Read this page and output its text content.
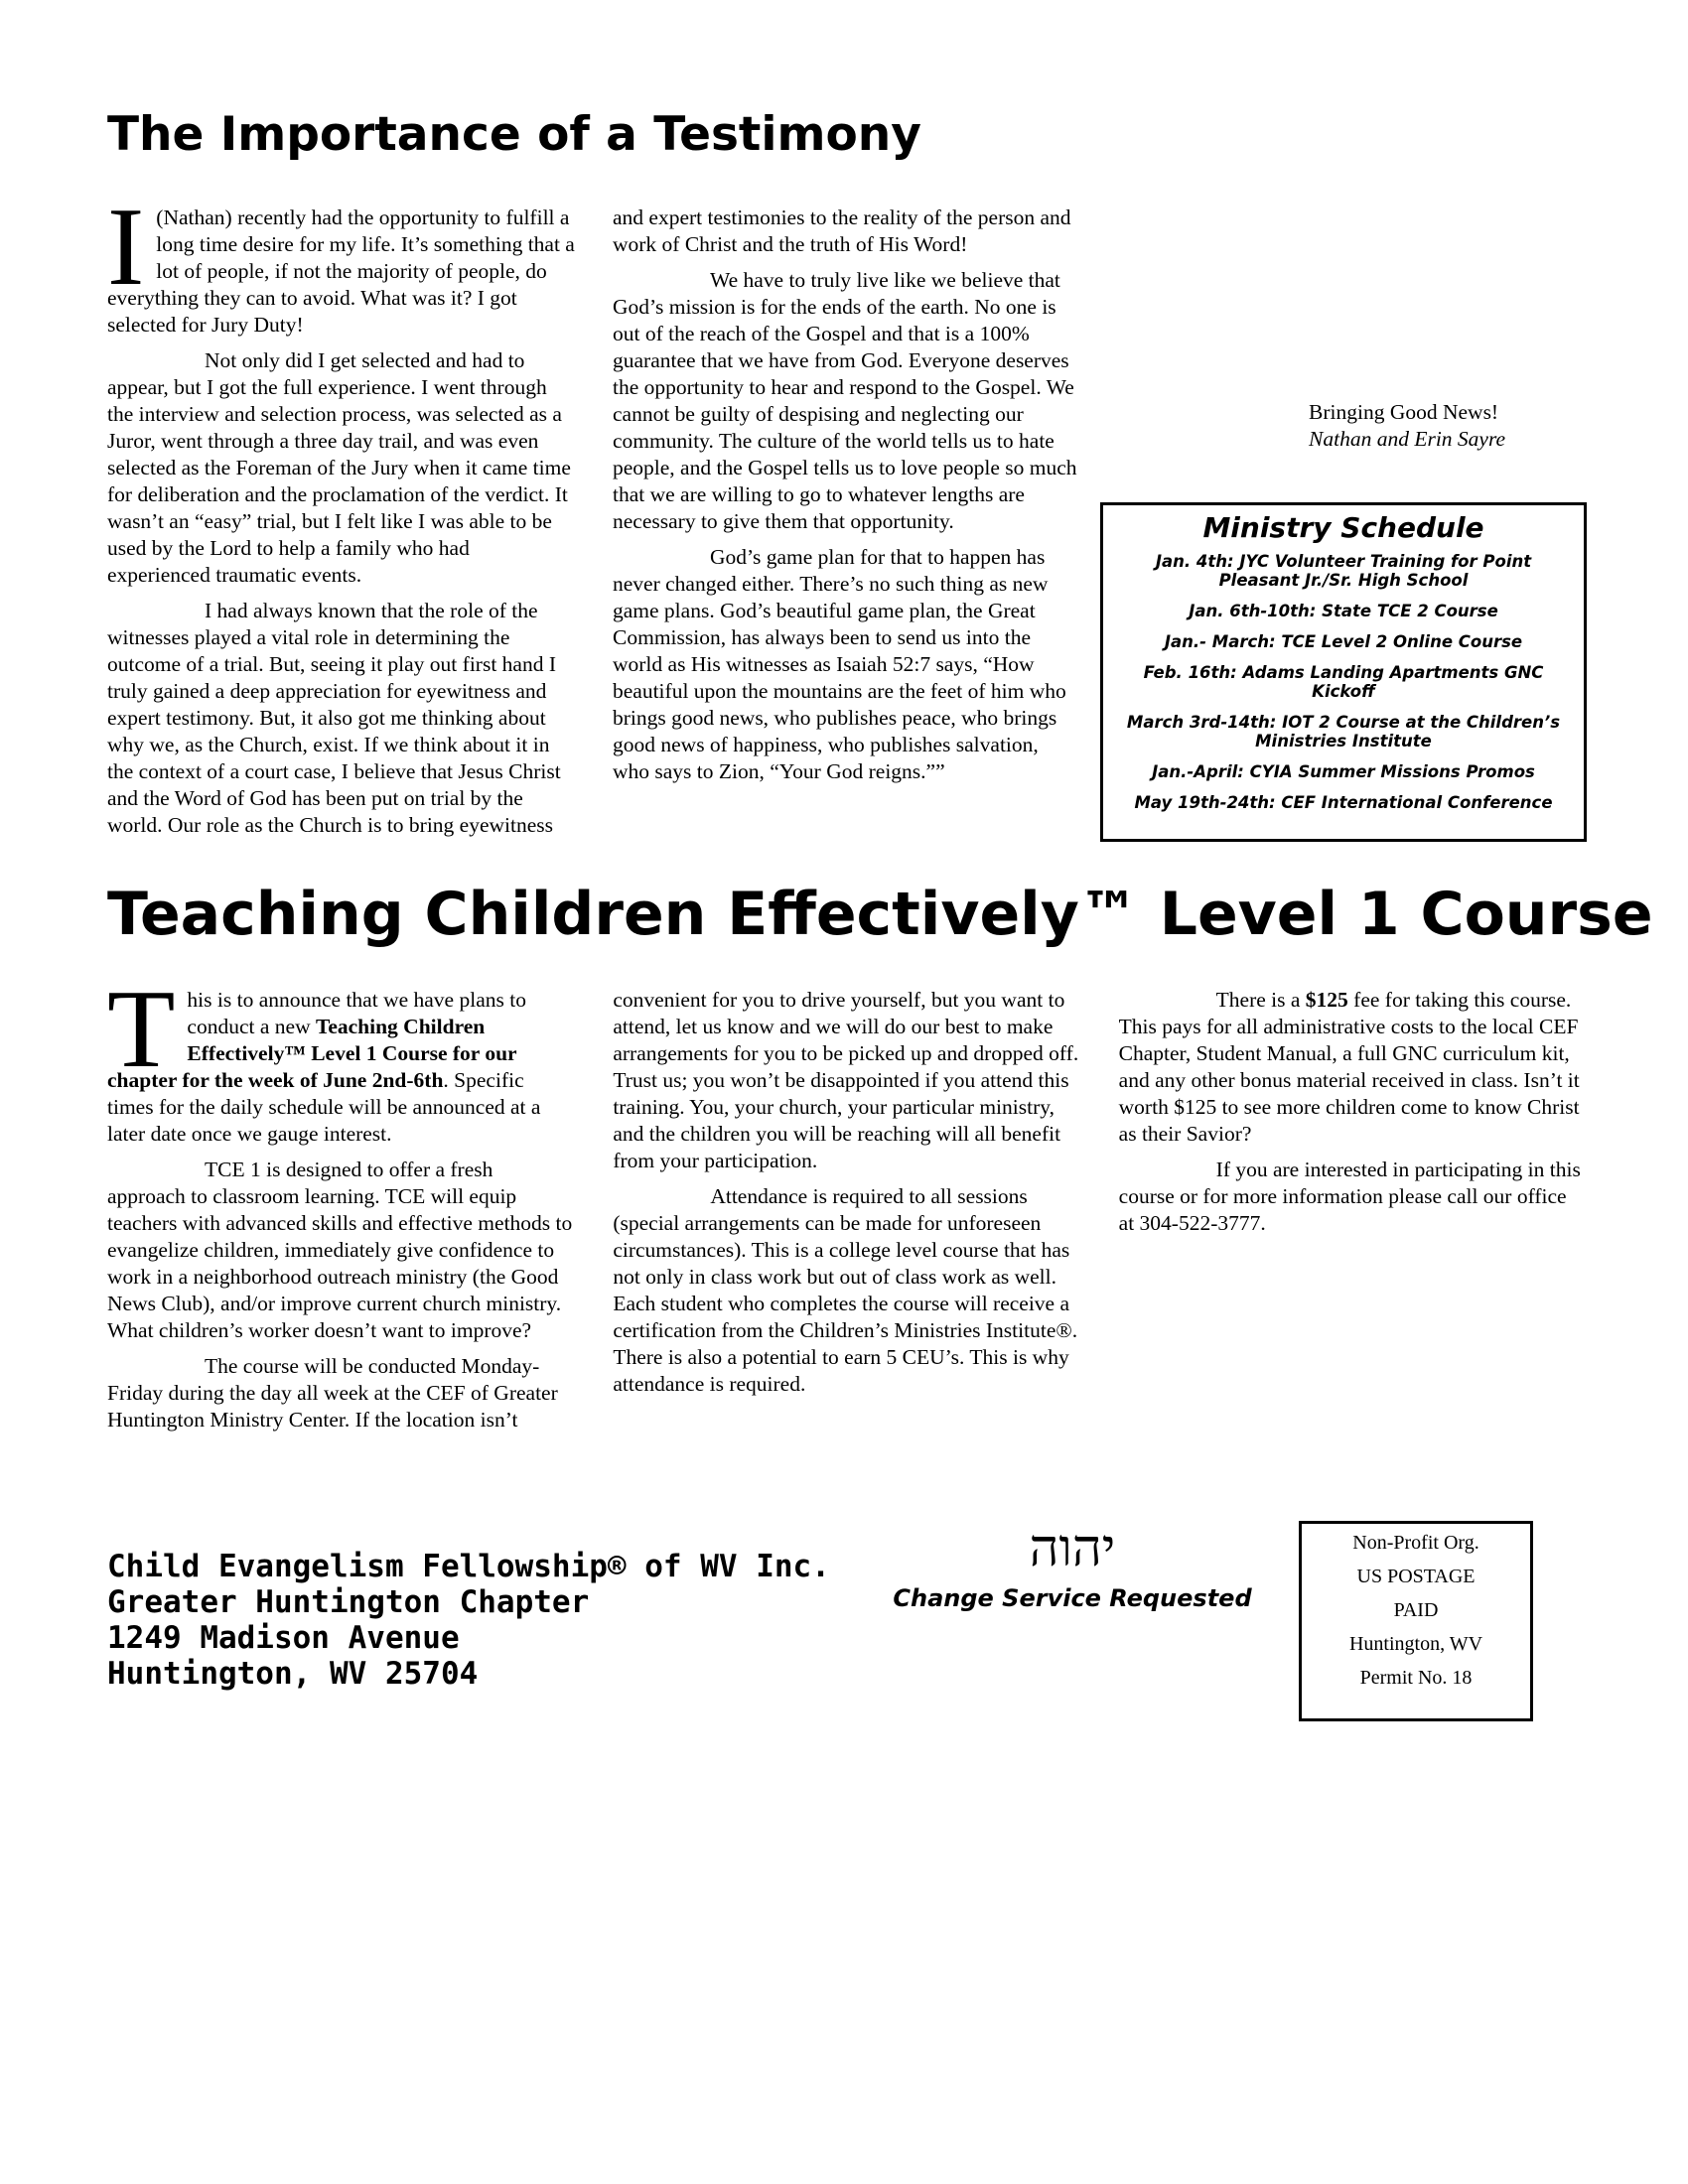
The Importance of a Testimony

I (Nathan) recently had the opportunity to fulfill a long time desire for my life. It’s something that a lot of people, if not the majority of people, do everything they can to avoid. What was it? I got selected for Jury Duty!

Not only did I get selected and had to appear, but I got the full experience. I went through the interview and selection process, was selected as a Juror, went through a three day trail, and was even selected as the Foreman of the Jury when it came time for deliberation and the proclamation of the verdict. It wasn’t an “easy” trial, but I felt like I was able to be used by the Lord to help a family who had experienced traumatic events.

I had always known that the role of the witnesses played a vital role in determining the outcome of a trial. But, seeing it play out first hand I truly gained a deep appreciation for eyewitness and expert testimony. But, it also got me thinking about why we, as the Church, exist. If we think about it in the context of a court case, I believe that Jesus Christ and the Word of God has been put on trial by the world. Our role as the Church is to bring eyewitness and expert testimonies to the reality of the person and work of Christ and the truth of His Word!

We have to truly live like we believe that God’s mission is for the ends of the earth. No one is out of the reach of the Gospel and that is a 100% guarantee that we have from God. Everyone deserves the opportunity to hear and respond to the Gospel. We cannot be guilty of despising and neglecting our community. The culture of the world tells us to hate people, and the Gospel tells us to love people so much that we are willing to go to whatever lengths are necessary to give them that opportunity.

God’s game plan for that to happen has never changed either. There’s no such thing as new game plans. God’s beautiful game plan, the Great Commission, has always been to send us into the world as His witnesses as Isaiah 52:7 says, “How beautiful upon the mountains are the feet of him who brings good news, who publishes peace, who brings good news of happiness, who publishes salvation, who says to Zion, “Your God reigns.””

Bringing Good News!

Nathan and Erin Sayre

Ministry Schedule
Jan. 4th: JYC Volunteer Training for Point Pleasant Jr./Sr. High School
Jan. 6th-10th: State TCE 2 Course
Jan.- March: TCE Level 2 Online Course
Feb. 16th: Adams Landing Apartments GNC Kickoff
March 3rd-14th: IOT 2 Course at the Children’s Ministries Institute
Jan.-April: CYIA Summer Missions Promos
May 19th-24th: CEF International Conference
Teaching Children Effectively™ Level 1 Course

This is to announce that we have plans to conduct a new Teaching Children Effectively™ Level 1 Course for our chapter for the week of June 2nd-6th. Specific times for the daily schedule will be announced at a later date once we gauge interest.

TCE 1 is designed to offer a fresh approach to classroom learning. TCE will equip teachers with advanced skills and effective methods to evangelize children, immediately give confidence to work in a neighborhood outreach ministry (the Good News Club), and/or improve current church ministry. What children’s worker doesn’t want to improve?

The course will be conducted Monday-Friday during the day all week at the CEF of Greater Huntington Ministry Center. If the location isn’t convenient for you to drive yourself, but you want to attend, let us know and we will do our best to make arrangements for you to be picked up and dropped off. Trust us; you won’t be disappointed if you attend this training. You, your church, your particular ministry, and the children you will be reaching will all benefit from your participation.

Attendance is required to all sessions (special arrangements can be made for unforeseen circumstances). This is a college level course that has not only in class work but out of class work as well. Each student who completes the course will receive a certification from the Children’s Ministries Institute®. There is also a potential to earn 5 CEU’s. This is why attendance is required.

There is a $125 fee for taking this course. This pays for all administrative costs to the local CEF Chapter, Student Manual, a full GNC curriculum kit, and any other bonus material received in class. Isn’t it worth $125 to see more children come to know Christ as their Savior?

If you are interested in participating in this course or for more information please call our office at 304-522-3777.

Child Evangelism Fellowship® of WV Inc.
Greater Huntington Chapter
1249 Madison Avenue
Huntington, WV 25704
יהוה
Change Service Requested
Non-Profit Org.
US POSTAGE
PAID
Huntington, WV
Permit No. 18
